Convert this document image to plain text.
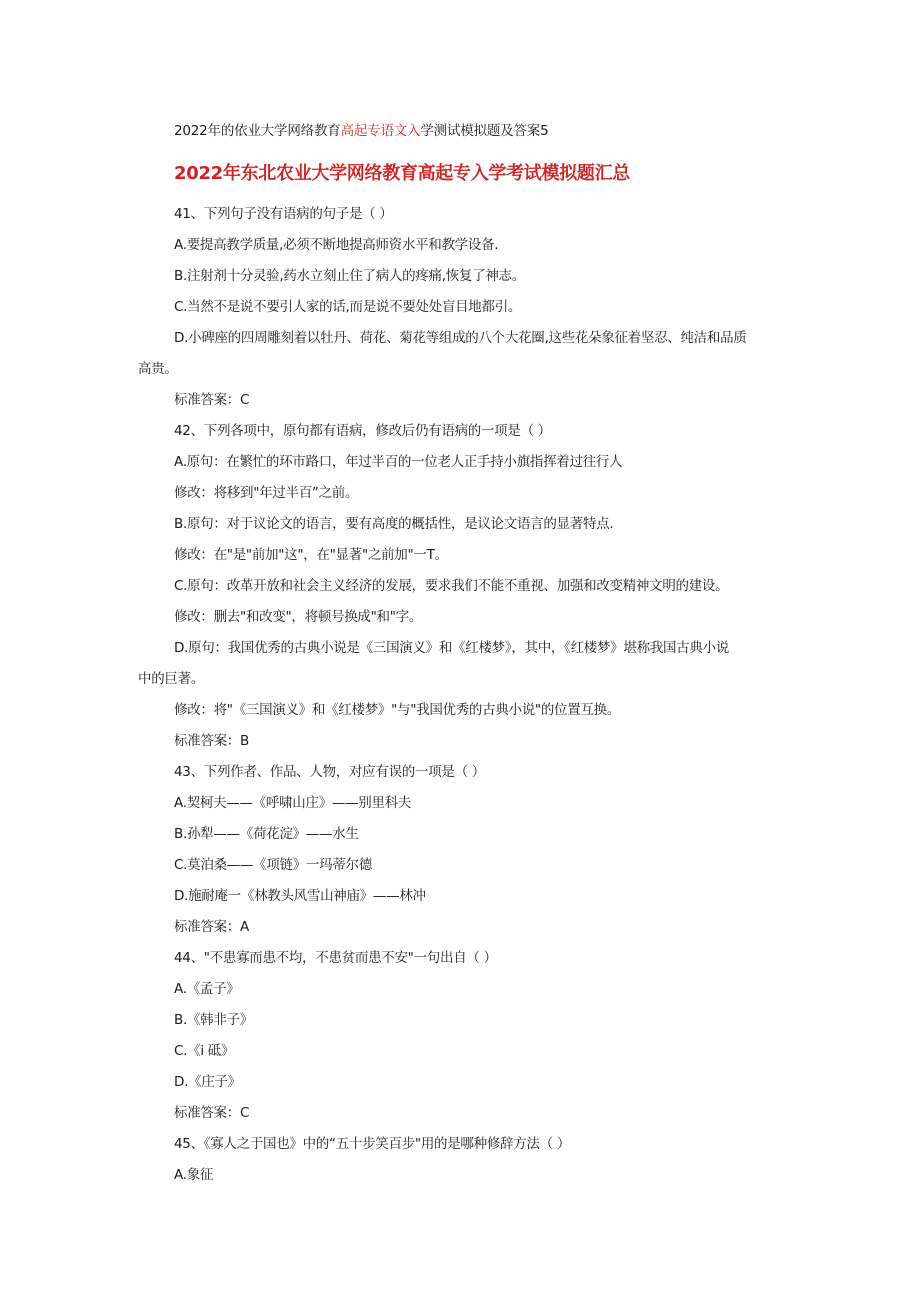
2022年的依业大学网络教育高起专语文入学测试模拟题及答案5
2022年东北农业大学网络教育高起专入学考试模拟题汇总
41、下列句子没有语病的句子是（ ）
A.要提高教学质量,必须不断地提高师资水平和教学设备.
B.注射剂十分灵验,药水立刻止住了病人的疼痛,恢复了神志。
C.当然不是说不要引人家的话,而是说不要处处盲目地都引。
D.小碑座的四周雕刻着以牡丹、荷花、菊花等组成的八个大花圈,这些花朵象征着坚忍、纯洁和品质
高贵。
标准答案：C
42、下列各项中，原句都有语病，修改后仍有语病的一项是（ ）
A.原句：在繁忙的环市路口，年过半百的一位老人正手持小旗指挥着过往行人
修改：将移到"年过半百”之前。
B.原句：对于议论文的语言，要有高度的概括性，是议论文语言的显著特点.
修改：在"是"前加"这"，在"显著"之前加"一T。
C.原句：改革开放和社会主义经济的发展，要求我们不能不重视、加强和改变精神文明的建设。
修改：删去"和改变"，将顿号换成"和"字。
D.原句：我国优秀的古典小说是《三国演义》和《红楼梦》，其中，《红楼梦》堪称我国古典小说
中的巨著。
修改：将"《三国演义》和《红楼梦》"与"我国优秀的古典小说"的位置互换。
标准答案：B
43、下列作者、作品、人物，对应有误的一项是（ ）
A.契柯夫——《呼啸山庄》——别里科夫
B.孙犁——《荷花淀》——水生
C.莫泊桑——《项链》一玛蒂尔德
D.施耐庵一《林教头风雪山神庙》——林冲
标准答案：A
44、"不患寡而患不均，不患贫而患不安"一句出自（ ）
A.《孟子》
B.《韩非子》
C.《i 砥》
D.《庄子》
标准答案：C
45、《寡人之于国也》中的“五十步笑百步"用的是哪种修辞方法（ ）
A.象征
